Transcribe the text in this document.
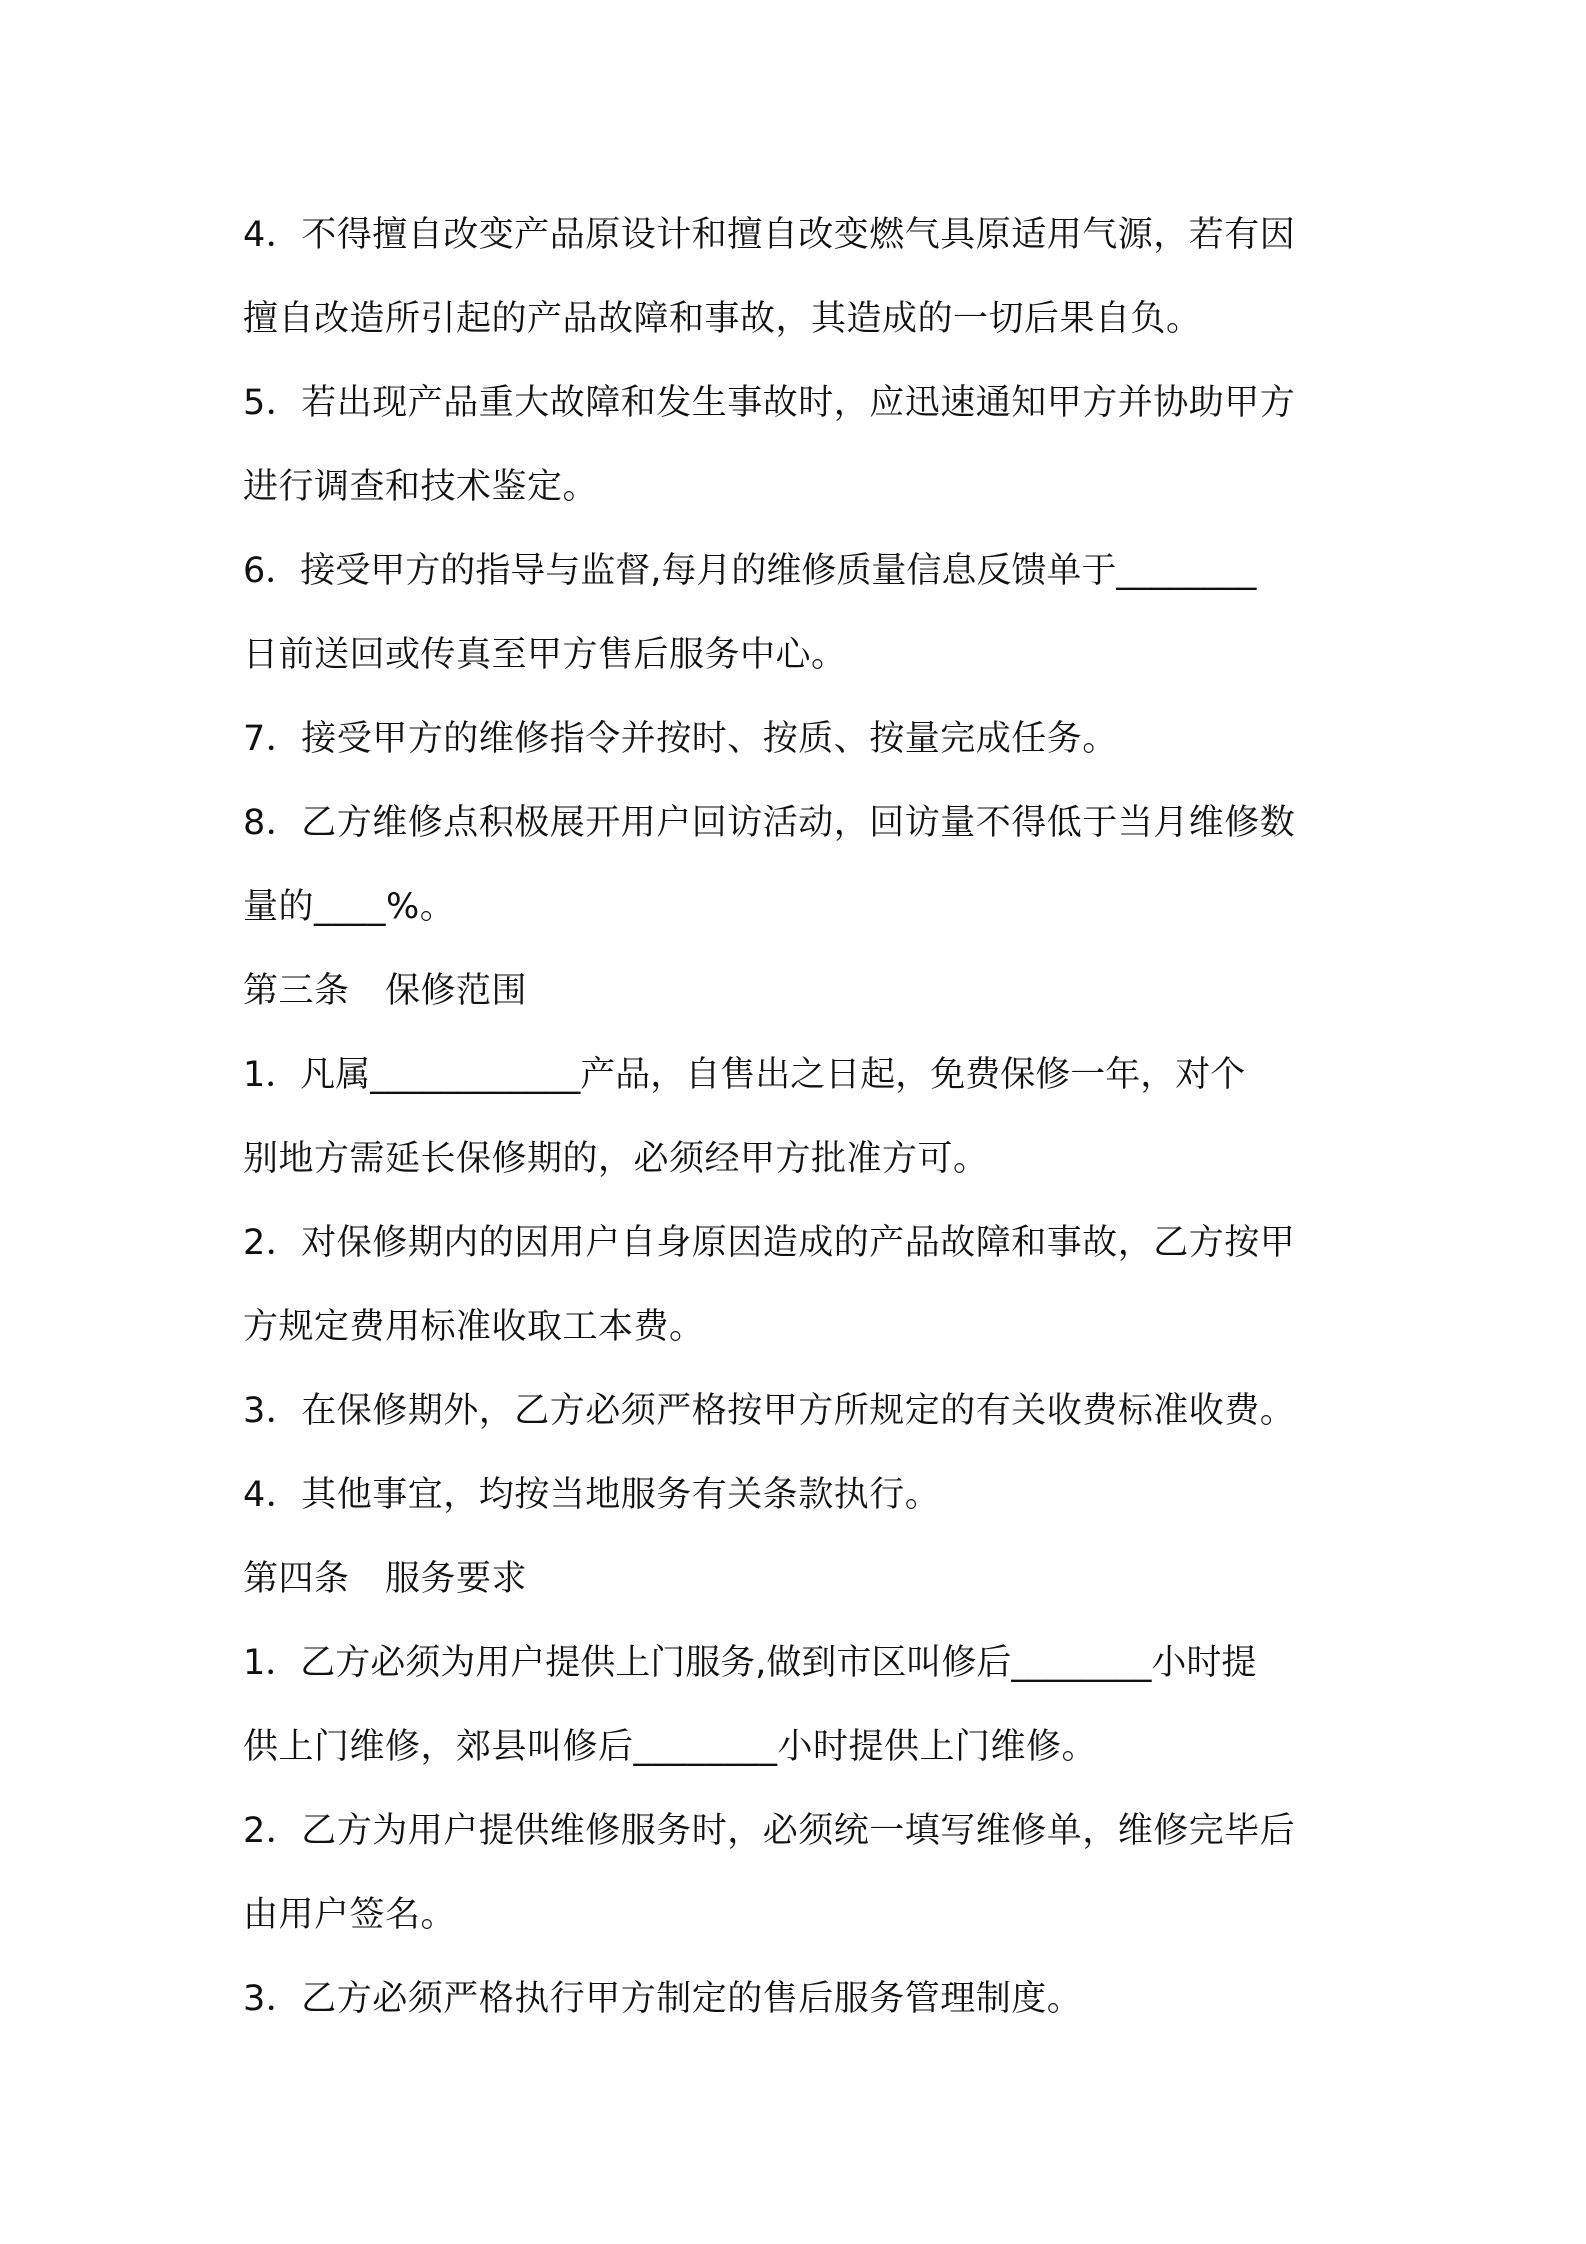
4．不得擅自改变产品原设计和擅自改变燃气具原适用气源，若有因
擅自改造所引起的产品故障和事故，其造成的一切后果自负。
5．若出现产品重大故障和发生事故时，应迅速通知甲方并协助甲方
进行调查和技术鉴定。
6．接受甲方的指导与监督,每月的维修质量信息反馈单于________
日前送回或传真至甲方售后服务中心。
7．接受甲方的维修指令并按时、按质、按量完成任务。
8．乙方维修点积极展开用户回访活动，回访量不得低于当月维修数
量的____%。
第三条　保修范围
1．凡属____________产品，自售出之日起，免费保修一年，对个
别地方需延长保修期的，必须经甲方批准方可。
2．对保修期内的因用户自身原因造成的产品故障和事故，乙方按甲
方规定费用标准收取工本费。
3．在保修期外，乙方必须严格按甲方所规定的有关收费标准收费。
4．其他事宜，均按当地服务有关条款执行。
第四条　服务要求
1．乙方必须为用户提供上门服务,做到市区叫修后________小时提
供上门维修，郊县叫修后________小时提供上门维修。
2．乙方为用户提供维修服务时，必须统一填写维修单，维修完毕后
由用户签名。
3．乙方必须严格执行甲方制定的售后服务管理制度。
